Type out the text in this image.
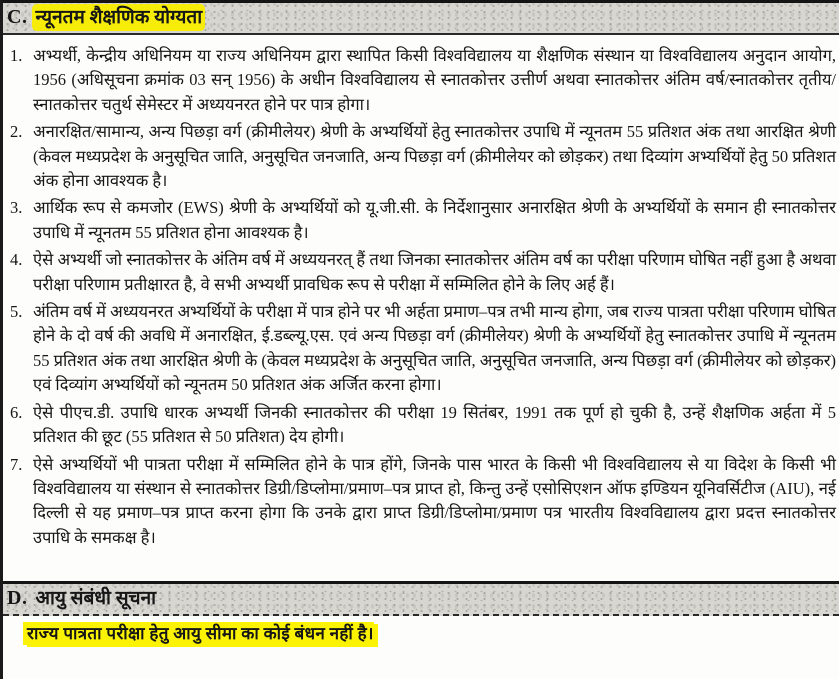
C. न्यूनतम शैक्षणिक योग्यता
1. अभ्यर्थी, केन्द्रीय अधिनियम या राज्य अधिनियम द्वारा स्थापित किसी विश्वविद्यालय या शैक्षणिक संस्थान या विश्वविद्यालय अनुदान आयोग, 1956 (अधिसूचना क्रमांक 03 सन् 1956) के अधीन विश्वविद्यालय से स्नातकोत्तर उत्तीर्ण अथवा स्नातकोत्तर अंतिम वर्ष/स्नातकोत्तर तृतीय/स्नातकोत्तर चतुर्थ सेमेस्टर में अध्ययनरत होने पर पात्र होगा।
2. अनारक्षित/सामान्य, अन्य पिछड़ा वर्ग (क्रीमीलेयर) श्रेणी के अभ्यर्थियों हेतु स्नातकोत्तर उपाधि में न्यूनतम 55 प्रतिशत अंक तथा आरक्षित श्रेणी (केवल मध्यप्रदेश के अनुसूचित जाति, अनुसूचित जनजाति, अन्य पिछड़ा वर्ग (क्रीमीलेयर को छोड़कर) तथा दिव्यांग अभ्यर्थियों हेतु 50 प्रतिशत अंक होना आवश्यक है।
3. आर्थिक रूप से कमजोर (EWS) श्रेणी के अभ्यर्थियों को यू.जी.सी. के निर्देशानुसार अनारक्षित श्रेणी के अभ्यर्थियों के समान ही स्नातकोत्तर उपाधि में न्यूनतम 55 प्रतिशत होना आवश्यक है।
4. ऐसे अभ्यर्थी जो स्नातकोत्तर के अंतिम वर्ष में अध्ययनरत् हैं तथा जिनका स्नातकोत्तर अंतिम वर्ष का परीक्षा परिणाम घोषित नहीं हुआ है अथवा परीक्षा परिणाम प्रतीक्षारत है, वे सभी अभ्यर्थी प्रावधिक रूप से परीक्षा में सम्मिलित होने के लिए अर्ह हैं।
5. अंतिम वर्ष में अध्ययनरत अभ्यर्थियों के परीक्षा में पात्र होने पर भी अर्हता प्रमाण–पत्र तभी मान्य होगा, जब राज्य पात्रता परीक्षा परिणाम घोषित होने के दो वर्ष की अवधि में अनारक्षित, ई.डब्ल्यू.एस. एवं अन्य पिछड़ा वर्ग (क्रीमीलेयर) श्रेणी के अभ्यर्थियों हेतु स्नातकोत्तर उपाधि में न्यूनतम 55 प्रतिशत अंक तथा आरक्षित श्रेणी के (केवल मध्यप्रदेश के अनुसूचित जाति, अनुसूचित जनजाति, अन्य पिछड़ा वर्ग (क्रीमीलेयर को छोड़कर) एवं दिव्यांग अभ्यर्थियों को न्यूनतम 50 प्रतिशत अंक अर्जित करना होगा।
6. ऐसे पीएच.डी. उपाधि धारक अभ्यर्थी जिनकी स्नातकोत्तर की परीक्षा 19 सितंबर, 1991 तक पूर्ण हो चुकी है, उन्हें शैक्षणिक अर्हता में 5 प्रतिशत की छूट (55 प्रतिशत से 50 प्रतिशत) देय होगी।
7. ऐसे अभ्यर्थियों भी पात्रता परीक्षा में सम्मिलित होने के पात्र होंगे, जिनके पास भारत के किसी भी विश्वविद्यालय से या विदेश के किसी भी विश्वविद्यालय या संस्थान से स्नातकोत्तर डिग्री/डिप्लोमा/प्रमाण–पत्र प्राप्त हो, किन्तु उन्हें एसोसिएशन ऑफ इण्डियन यूनिवर्सिटीज (AIU), नई दिल्ली से यह प्रमाण–पत्र प्राप्त करना होगा कि उनके द्वारा प्राप्त डिग्री/डिप्लोमा/प्रमाण पत्र भारतीय विश्वविद्यालय द्वारा प्रदत्त स्नातकोत्तर उपाधि के समकक्ष है।
D. आयु संबंधी सूचना
राज्य पात्रता परीक्षा हेतु आयु सीमा का कोई बंधन नहीं है।
